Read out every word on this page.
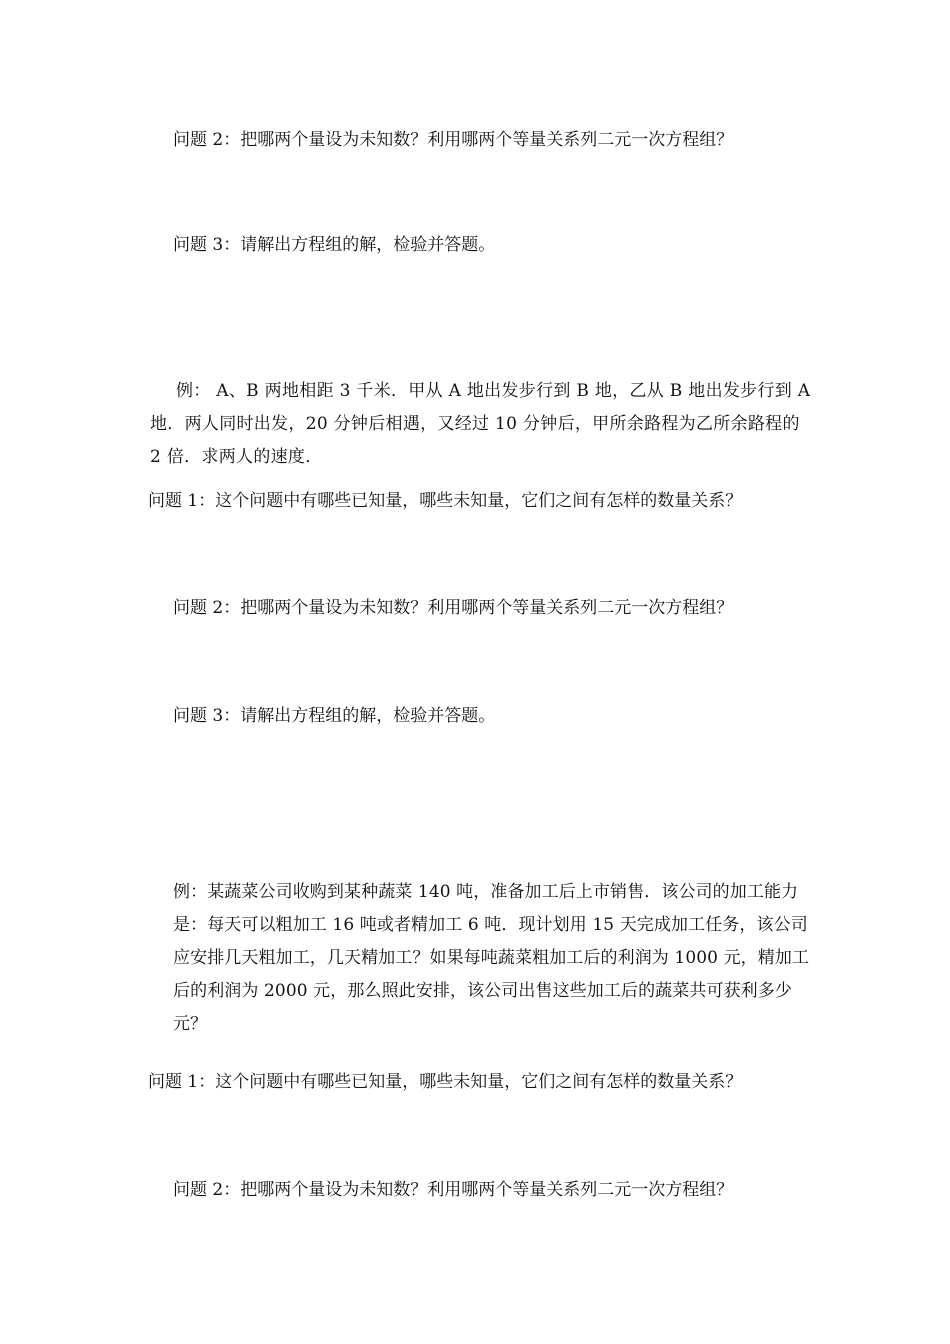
问题 2：把哪两个量设为未知数？利用哪两个等量关系列二元一次方程组？
问题 3：请解出方程组的解，检验并答题。
例： A、B 两地相距 3 千米．甲从 A 地出发步行到 B 地，乙从 B 地出发步行到 A 地．两人同时出发，20 分钟后相遇，又经过 10 分钟后，甲所余路程为乙所余路程的 2 倍．求两人的速度．
问题 1：这个问题中有哪些已知量，哪些未知量，它们之间有怎样的数量关系？
问题 2：把哪两个量设为未知数？利用哪两个等量关系列二元一次方程组？
问题 3：请解出方程组的解，检验并答题。
例：某蔬菜公司收购到某种蔬菜 140 吨，准备加工后上市销售．该公司的加工能力是：每天可以粗加工 16 吨或者精加工 6 吨．现计划用 15 天完成加工任务，该公司应安排几天粗加工，几天精加工？如果每吨蔬菜粗加工后的利润为 1000 元，精加工后的利润为 2000 元，那么照此安排，该公司出售这些加工后的蔬菜共可获利多少元？
问题 1：这个问题中有哪些已知量，哪些未知量，它们之间有怎样的数量关系？
问题 2：把哪两个量设为未知数？利用哪两个等量关系列二元一次方程组？
